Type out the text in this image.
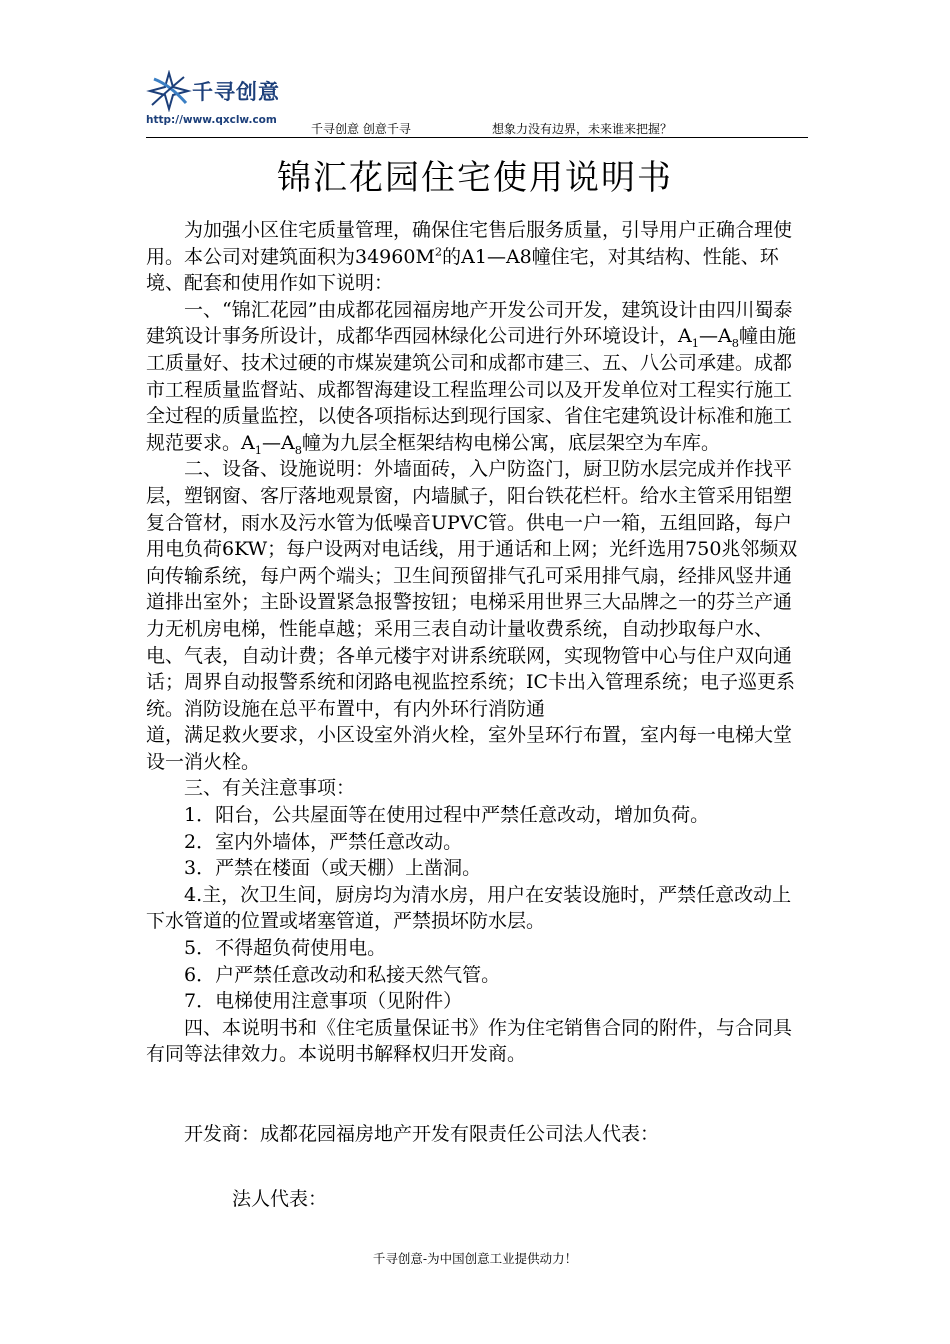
千寻创意
http://www.qxclw.com
千寻创意 创意千寻	想象力没有边界，未来谁来把握？
锦汇花园住宅使用说明书

为加强小区住宅质量管理，确保住宅售后服务质量，引导用户正确合理使用。本公司对建筑面积为$34960M^2$的A1—A8幢住宅，对其结构、性能、环境、配套和使用作如下说明：

一、“锦汇花园”由成都花园福房地产开发公司开发，建筑设计由四川蜀泰建筑设计事务所设计，成都华西园林绿化公司进行外环境设计，$A_1—A_8$幢由施工质量好、技术过硬的市煤炭建筑公司和成都市建三、五、八公司承建。成都市工程质量监督站、成都智海建设工程监理公司以及开发单位对工程实行施工全过程的质量监控，以使各项指标达到现行国家、省住宅建筑设计标准和施工规范要求。$A_1—A_8$幢为九层全框架结构电梯公寓，底层架空为车库。

二、设备、设施说明：外墙面砖，入户防盗门，厨卫防水层完成并作找平层，塑钢窗、客厅落地观景窗，内墙腻子，阳台铁花栏杆。给水主管采用铝塑复合管材，雨水及污水管为低噪音UPVC管。供电一户一箱，五组回路，每户用电负荷6KW；每户设两对电话线，用于通话和上网；光纤选用750兆邻频双向传输系统，每户两个端头；卫生间预留排气孔可采用排气扇，经排风竖井通道排出室外；主卧设置紧急报警按钮；电梯采用世界三大品牌之一的芬兰产通力无机房电梯，性能卓越；采用三表自动计量收费系统，自动抄取每户水、电、气表，自动计费；各单元楼宇对讲系统联网，实现物管中心与住户双向通话；周界自动报警系统和闭路电视监控系统；IC卡出入管理系统；电子巡更系统。消防设施在总平布置中，有内外环行消防通

道，满足救火要求，小区设室外消火栓，室外呈环行布置，室内每一电梯大堂设一消火栓。

三、有关注意事项：

1．阳台，公共屋面等在使用过程中严禁任意改动，增加负荷。

2．室内外墙体，严禁任意改动。

3．严禁在楼面（或天棚）上凿洞。

4.主，次卫生间，厨房均为清水房，用户在安装设施时，严禁任意改动上下水管道的位置或堵塞管道，严禁损坏防水层。

5．不得超负荷使用电。

6．户严禁任意改动和私接天然气管。

7．电梯使用注意事项（见附件）

四、本说明书和《住宅质量保证书》作为住宅销售合同的附件，与合同具有同等法律效力。本说明书解释权归开发商。

开发商：成都花园福房地产开发有限责任公司法人代表：

法人代表：

千寻创意-为中国创意工业提供动力！
